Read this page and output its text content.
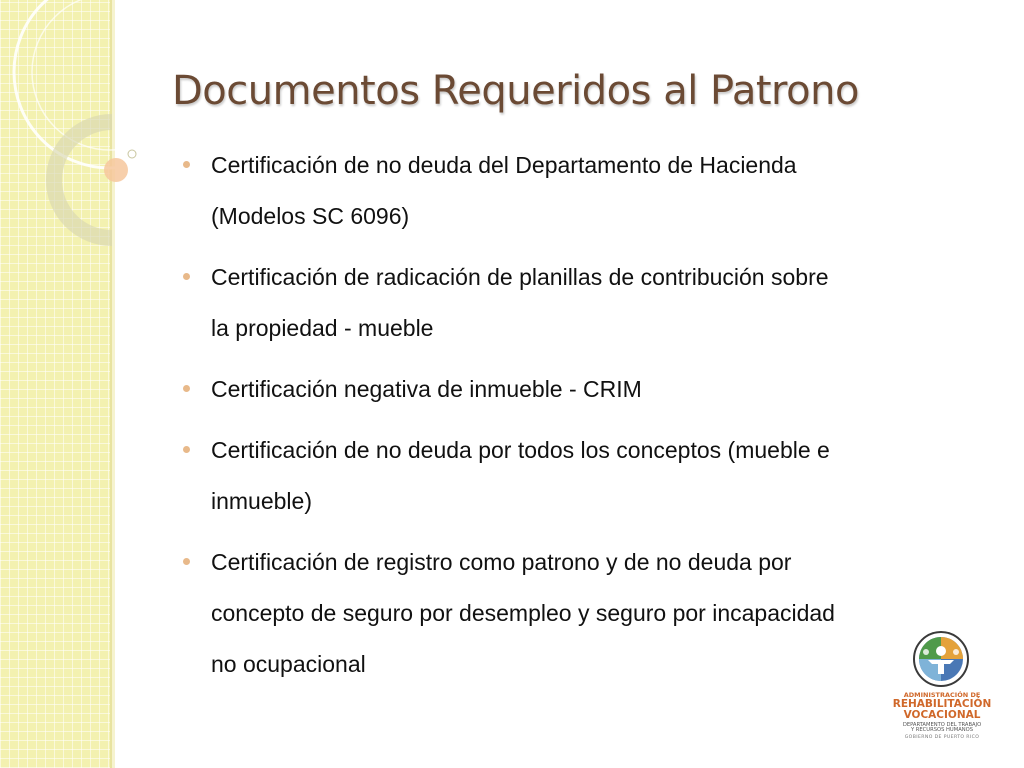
Documentos Requeridos al Patrono
Certificación de no deuda del Departamento de Hacienda
(Modelos SC 6096)
Certificación de radicación de planillas de contribución sobre
la propiedad - mueble
Certificación negativa de inmueble - CRIM
Certificación de no deuda por todos los conceptos (mueble e
inmueble)
Certificación de registro como patrono y de no deuda por
concepto de seguro por desempleo y seguro por incapacidad
no ocupacional
ADMINISTRACIÓN DE
REHABILITACIÓN
VOCACIONAL
DEPARTAMENTO DEL TRABAJO
Y RECURSOS HUMANOS
GOBIERNO DE PUERTO RICO
